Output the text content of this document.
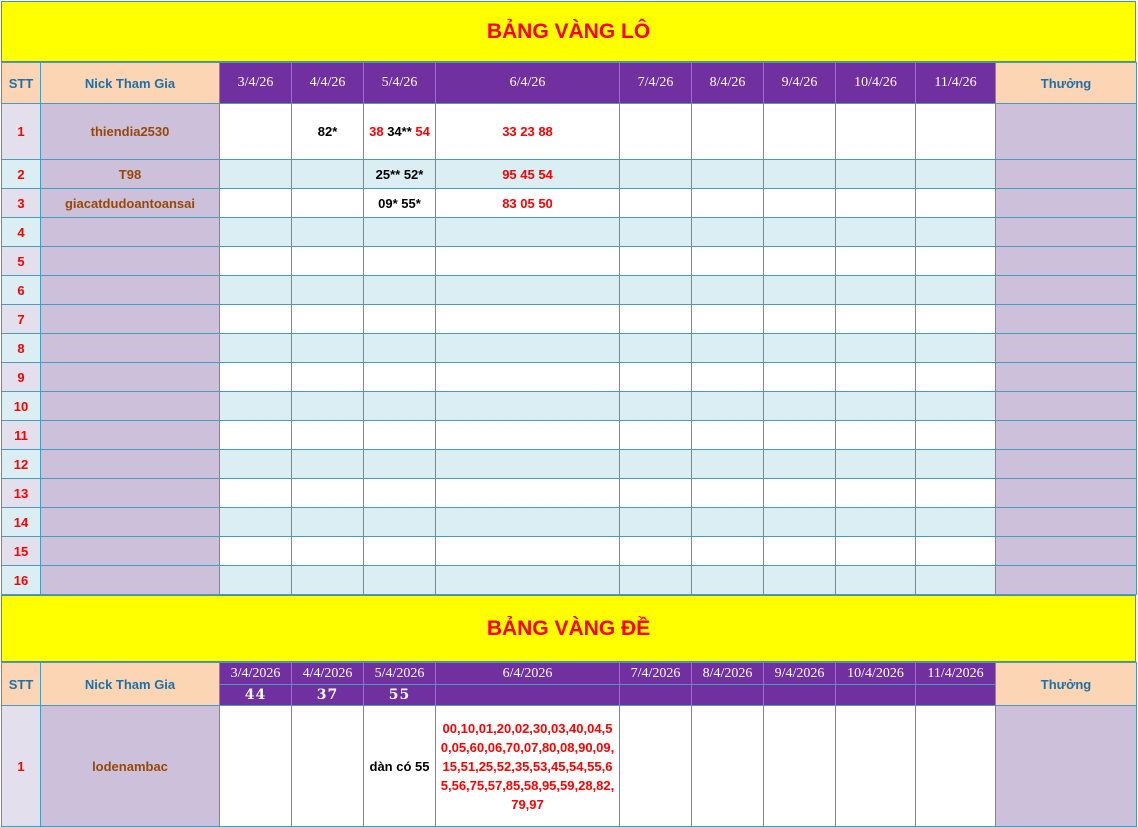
BẢNG VÀNG LÔ
STT	Nick Tham Gia	3/4/26	4/4/26	5/4/26	6/4/26	7/4/26	8/4/26	9/4/26	10/4/26	11/4/26	Thưởng
1	thiendia2530		82*	38 34** 54	33 23 88						
2	T98			25** 52*	95 45 54						
3	giacatdudoantoansai			09* 55*	83 05 50						
4											
5											
6											
7											
8											
9											
10											
11											
12											
13											
14											
15											
16											
BẢNG VÀNG ĐỀ
STT	Nick Tham Gia	3/4/2026	4/4/2026	5/4/2026	6/4/2026	7/4/2026	8/4/2026	9/4/2026	10/4/2026	11/4/2026	Thưởng
		44	37	55							
1	lodenambac			dàn có 55	00,10,01,20,02,30,03,40,04,50,05,60,06,70,07,80,08,90,09,15,51,25,52,35,53,45,54,55,65,56,75,57,85,58,95,59,28,82,79,97						
